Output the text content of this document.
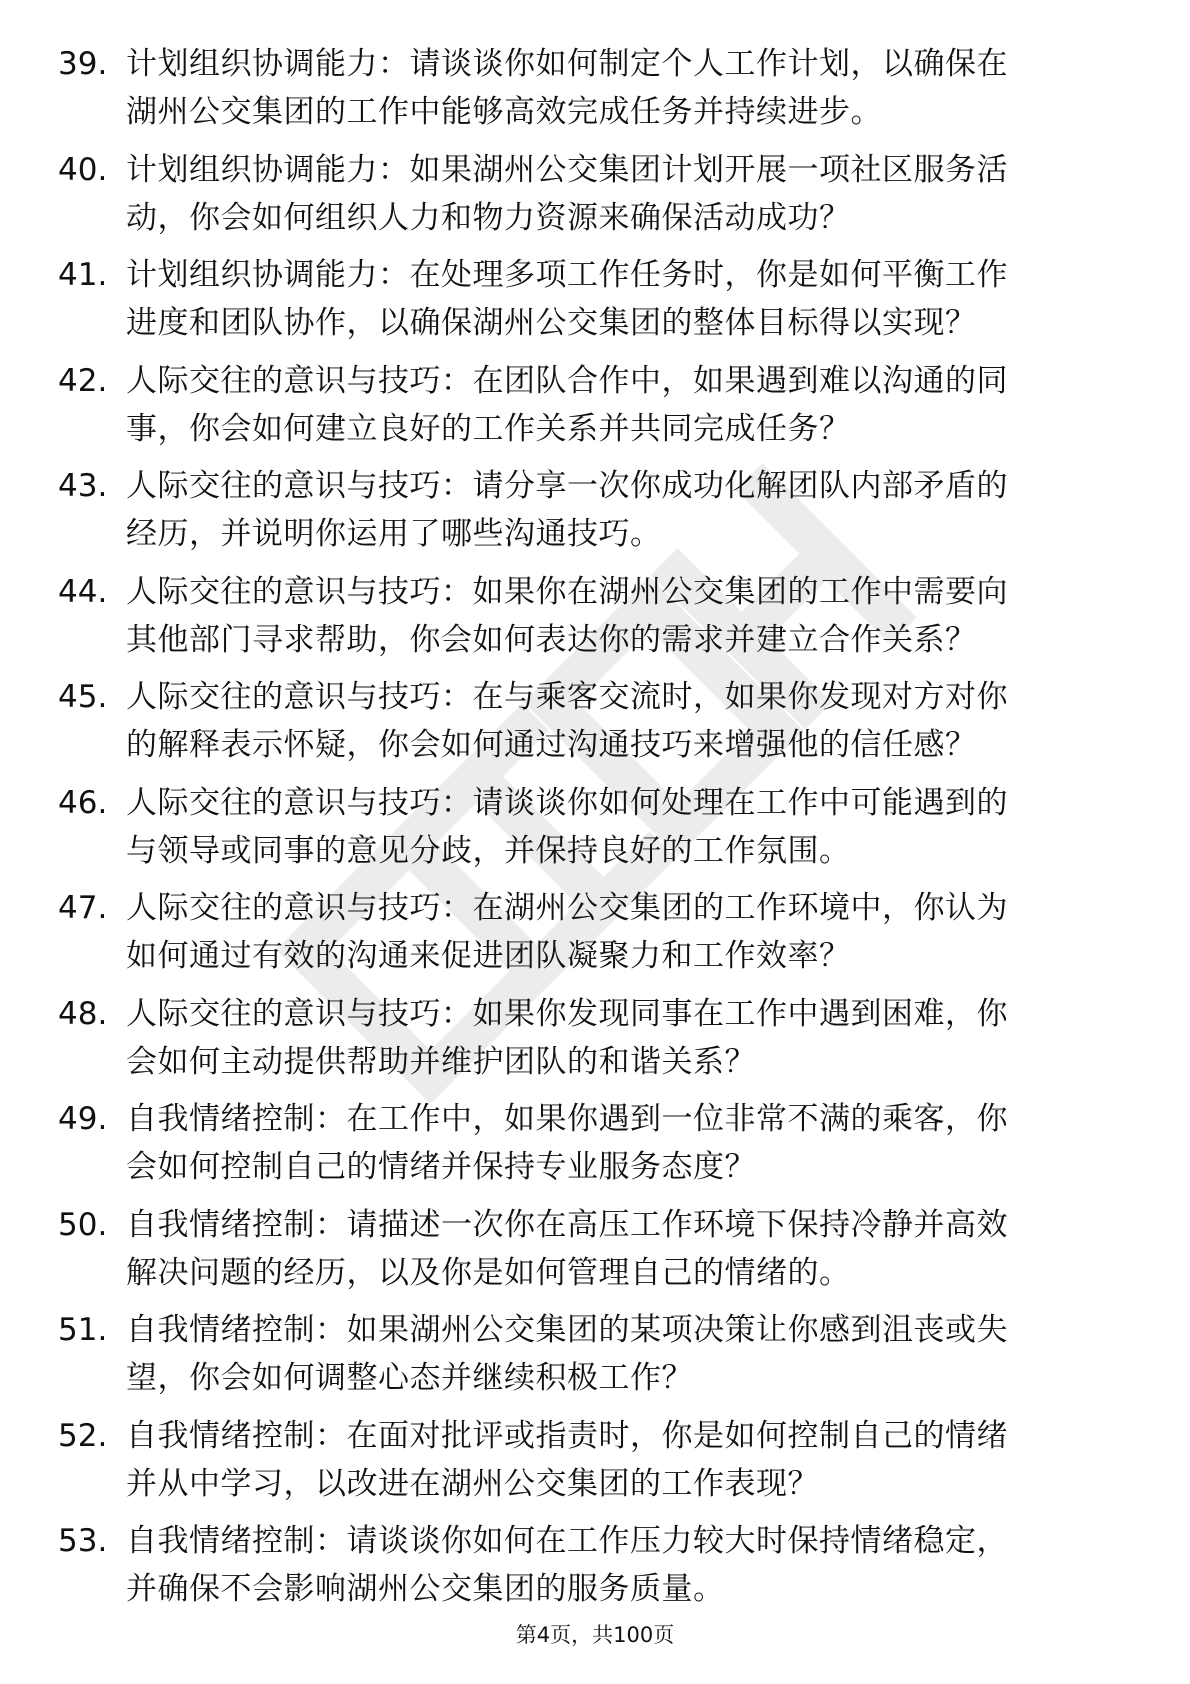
39. 计划组织协调能力：请谈谈你如何制定个人工作计划，以确保在
湖州公交集团的工作中能够高效完成任务并持续进步。
40. 计划组织协调能力：如果湖州公交集团计划开展一项社区服务活
动，你会如何组织人力和物力资源来确保活动成功？
41. 计划组织协调能力：在处理多项工作任务时，你是如何平衡工作
进度和团队协作，以确保湖州公交集团的整体目标得以实现？
42. 人际交往的意识与技巧：在团队合作中，如果遇到难以沟通的同
事，你会如何建立良好的工作关系并共同完成任务？
43. 人际交往的意识与技巧：请分享一次你成功化解团队内部矛盾的
经历，并说明你运用了哪些沟通技巧。
44. 人际交往的意识与技巧：如果你在湖州公交集团的工作中需要向
其他部门寻求帮助，你会如何表达你的需求并建立合作关系？
45. 人际交往的意识与技巧：在与乘客交流时，如果你发现对方对你
的解释表示怀疑，你会如何通过沟通技巧来增强他的信任感？
46. 人际交往的意识与技巧：请谈谈你如何处理在工作中可能遇到的
与领导或同事的意见分歧，并保持良好的工作氛围。
47. 人际交往的意识与技巧：在湖州公交集团的工作环境中，你认为
如何通过有效的沟通来促进团队凝聚力和工作效率？
48. 人际交往的意识与技巧：如果你发现同事在工作中遇到困难，你
会如何主动提供帮助并维护团队的和谐关系？
49. 自我情绪控制：在工作中，如果你遇到一位非常不满的乘客，你
会如何控制自己的情绪并保持专业服务态度？
50. 自我情绪控制：请描述一次你在高压工作环境下保持冷静并高效
解决问题的经历，以及你是如何管理自己的情绪的。
51. 自我情绪控制：如果湖州公交集团的某项决策让你感到沮丧或失
望，你会如何调整心态并继续积极工作？
52. 自我情绪控制：在面对批评或指责时，你是如何控制自己的情绪
并从中学习，以改进在湖州公交集团的工作表现？
53. 自我情绪控制：请谈谈你如何在工作压力较大时保持情绪稳定，
并确保不会影响湖州公交集团的服务质量。
第4页，共100页
